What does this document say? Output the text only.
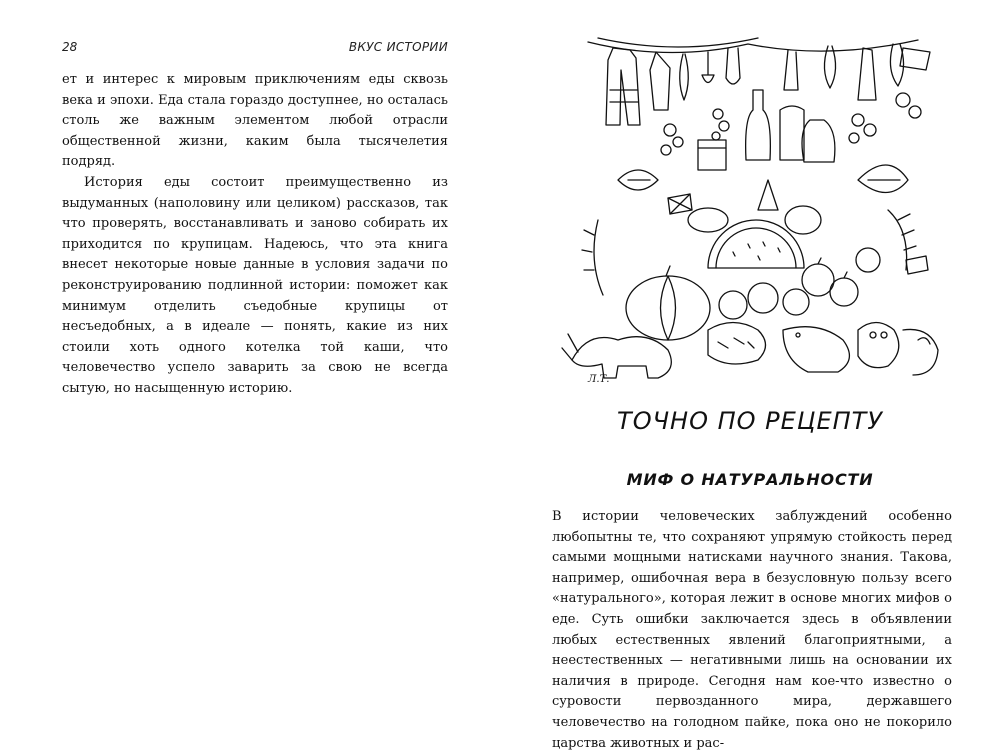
28	ВКУС ИСТОРИИ

ет и интерес к мировым приключениям еды сквозь века и эпохи. Еда стала гораздо доступнее, но осталась столь же важным элементом любой отрасли общественной жизни, каким была тысячелетия подряд.

История еды состоит преимущественно из выдуманных (наполовину или целиком) рассказов, так что проверять, восстанавливать и заново собирать их приходится по крупицам. Надеюсь, что эта книга внесет некоторые новые данные в условия задачи по реконструированию подлинной истории: поможет как минимум отделить съедобные крупицы от несъедобных, а в идеале — понять, какие из них стоили хоть одного котелка той каши, что человечество успело заварить за свою не всегда сытую, но насыщенную историю.

Л.Т.
ТОЧНО ПО РЕЦЕПТУ
МИФ О НАТУРАЛЬНОСТИ

В истории человеческих заблуждений особенно любопытны те, что сохраняют упрямую стойкость перед самыми мощными натисками научного знания. Такова, например, ошибочная вера в безусловную пользу всего «натурального», которая лежит в основе многих мифов о еде. Суть ошибки заключается здесь в объявлении любых естественных явлений благоприятными, а неестественных — негативными лишь на основании их наличия в природе. Сегодня нам кое-что известно о суровости первозданного мира, державшего человечество на голодном пайке, пока оно не покорило царства животных и рас-
